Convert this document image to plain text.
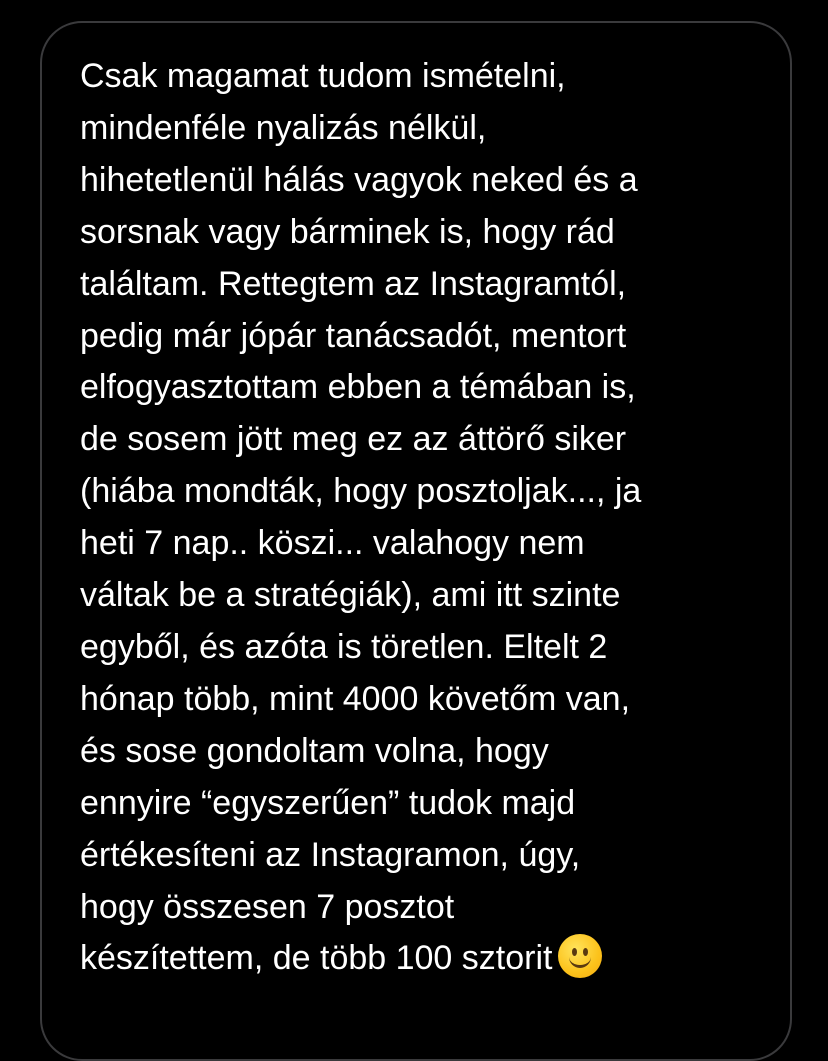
Csak magamat tudom ismételni,
mindenféle nyalizás nélkül,
hihetetlenül hálás vagyok neked és a
sorsnak vagy bárminek is, hogy rád
találtam. Rettegtem az Instagramtól,
pedig már jópár tanácsadót, mentort
elfogyasztottam ebben a témában is,
de sosem jött meg ez az áttörő siker
(hiába mondták, hogy posztoljak..., ja
heti 7 nap.. köszi... valahogy nem
váltak be a stratégiák), ami itt szinte
egyből, és azóta is töretlen. Eltelt 2
hónap több, mint 4000 követőm van,
és sose gondoltam volna, hogy
ennyire “egyszerűen” tudok majd
értékesíteni az Instagramon, úgy,
hogy összesen 7 posztot
készítettem, de több 100 sztorit
